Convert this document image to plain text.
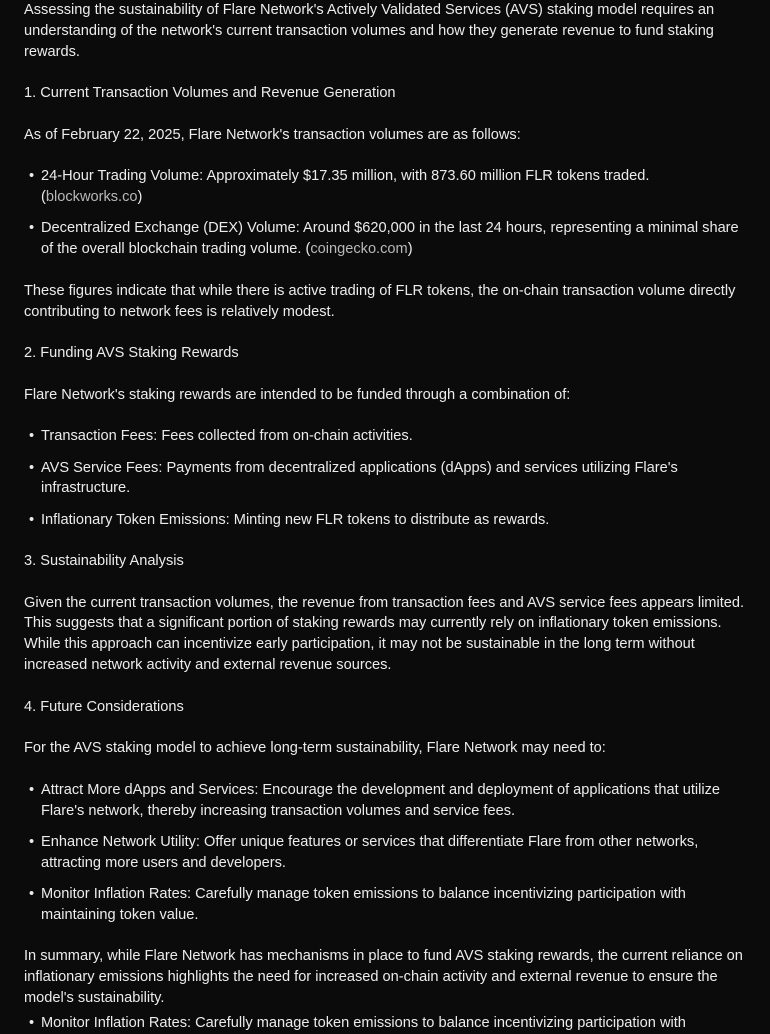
Assessing the sustainability of Flare Network's Actively Validated Services (AVS) staking model requires an understanding of the network's current transaction volumes and how they generate revenue to fund staking rewards.

1. Current Transaction Volumes and Revenue Generation

As of February 22, 2025, Flare Network's transaction volumes are as follows:

• 24-Hour Trading Volume: Approximately $17.35 million, with 873.60 million FLR tokens traded. (blockworks.co)
• Decentralized Exchange (DEX) Volume: Around $620,000 in the last 24 hours, representing a minimal share of the overall blockchain trading volume. (coingecko.com)

These figures indicate that while there is active trading of FLR tokens, the on-chain transaction volume directly contributing to network fees is relatively modest.

2. Funding AVS Staking Rewards

Flare Network's staking rewards are intended to be funded through a combination of:

• Transaction Fees: Fees collected from on-chain activities.
• AVS Service Fees: Payments from decentralized applications (dApps) and services utilizing Flare's infrastructure.
• Inflationary Token Emissions: Minting new FLR tokens to distribute as rewards.

3. Sustainability Analysis

Given the current transaction volumes, the revenue from transaction fees and AVS service fees appears limited. This suggests that a significant portion of staking rewards may currently rely on inflationary token emissions. While this approach can incentivize early participation, it may not be sustainable in the long term without increased network activity and external revenue sources.

4. Future Considerations

For the AVS staking model to achieve long-term sustainability, Flare Network may need to:

• Attract More dApps and Services: Encourage the development and deployment of applications that utilize Flare's network, thereby increasing transaction volumes and service fees.
• Enhance Network Utility: Offer unique features or services that differentiate Flare from other networks, attracting more users and developers.
• Monitor Inflation Rates: Carefully manage token emissions to balance incentivizing participation with maintaining token value.

In summary, while Flare Network has mechanisms in place to fund AVS staking rewards, the current reliance on inflationary emissions highlights the need for increased on-chain activity and external revenue to ensure the model's sustainability.

• Monitor Inflation Rates: Carefully manage token emissions to balance incentivizing participation with
